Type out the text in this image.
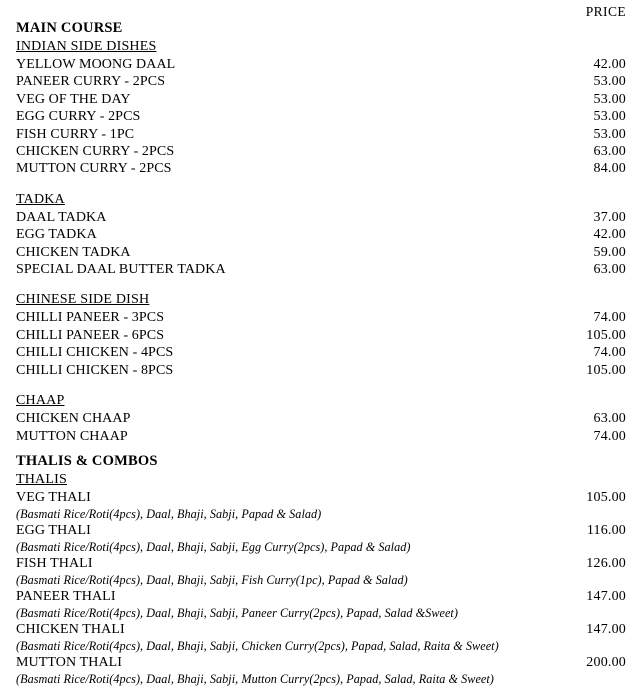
PRICE
MAIN COURSE
INDIAN SIDE DISHES
YELLOW MOONG DAAL	42.00
PANEER CURRY - 2PCS	53.00
VEG OF THE DAY	53.00
EGG CURRY - 2PCS	53.00
FISH CURRY - 1PC	53.00
CHICKEN CURRY - 2PCS	63.00
MUTTON CURRY - 2PCS	84.00
TADKA
DAAL TADKA	37.00
EGG TADKA	42.00
CHICKEN TADKA	59.00
SPECIAL DAAL BUTTER TADKA	63.00
CHINESE SIDE DISH
CHILLI PANEER - 3PCS	74.00
CHILLI PANEER - 6PCS	105.00
CHILLI CHICKEN - 4PCS	74.00
CHILLI CHICKEN - 8PCS	105.00
CHAAP
CHICKEN CHAAP	63.00
MUTTON CHAAP	74.00
THALIS & COMBOS
THALIS
VEG THALI	105.00
(Basmati Rice/Roti(4pcs), Daal, Bhaji, Sabji, Papad & Salad)
EGG THALI	116.00
(Basmati Rice/Roti(4pcs), Daal, Bhaji, Sabji, Egg Curry(2pcs), Papad & Salad)
FISH THALI	126.00
(Basmati Rice/Roti(4pcs), Daal, Bhaji, Sabji, Fish Curry(1pc), Papad & Salad)
PANEER THALI	147.00
(Basmati Rice/Roti(4pcs), Daal, Bhaji, Sabji, Paneer Curry(2pcs), Papad, Salad &Sweet)
CHICKEN THALI	147.00
(Basmati Rice/Roti(4pcs), Daal, Bhaji, Sabji, Chicken Curry(2pcs), Papad, Salad, Raita & Sweet)
MUTTON THALI	200.00
(Basmati Rice/Roti(4pcs), Daal, Bhaji, Sabji, Mutton Curry(2pcs), Papad, Salad, Raita & Sweet)
